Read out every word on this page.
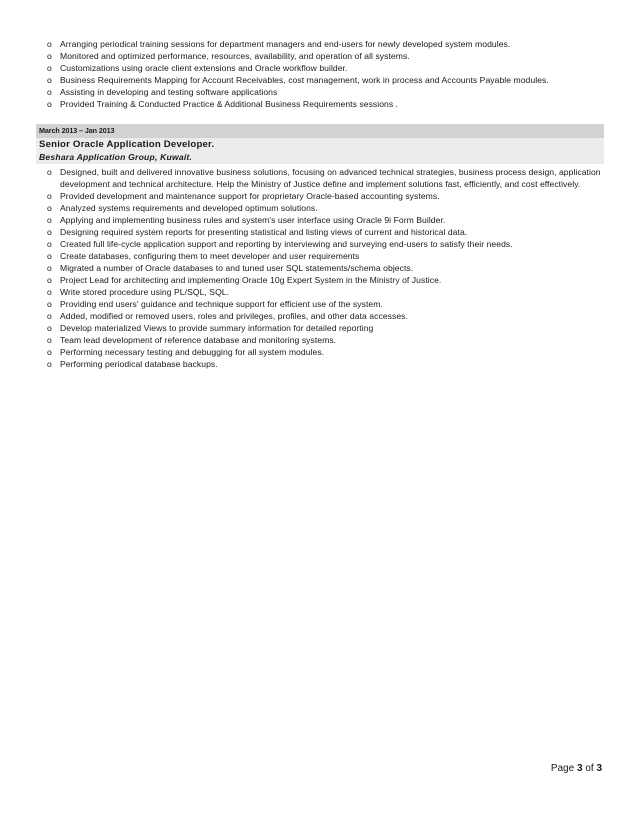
o Arranging periodical training sessions for department managers and end-users for newly developed system modules.
o Monitored and optimized performance, resources, availability, and operation of all systems.
o Customizations using oracle client extensions and Oracle workflow builder.
o Business Requirements Mapping for Account Receivables, cost management, work in process and Accounts Payable modules.
o Assisting in developing and testing software applications
o Provided Training & Conducted Practice & Additional Business Requirements sessions .
March 2013 – Jan 2013
Senior Oracle Application Developer.
Beshara Application Group, Kuwait.
o Designed, built and delivered innovative business solutions, focusing on advanced technical strategies, business process design, application development and technical architecture. Help the Ministry of Justice define and implement solutions fast, efficiently, and cost effectively.
o Provided development and maintenance support for proprietary Oracle-based accounting systems.
o Analyzed systems requirements and developed optimum solutions.
o Applying and implementing business rules and system's user interface using Oracle 9i Form Builder.
o Designing required system reports for presenting statistical and listing views of current and historical data.
o Created full life-cycle application support and reporting by interviewing and surveying end-users to satisfy their needs.
o Create databases, configuring them to meet developer and user requirements
o Migrated a number of Oracle databases to and tuned user SQL statements/schema objects.
o Project Lead for architecting and implementing Oracle 10g Expert System in the Ministry of Justice.
o Write stored procedure using PL/SQL, SQL.
o Providing end users' guidance and technique support for efficient use of the system.
o Added, modified or removed users, roles and privileges, profiles, and other data accesses.
o Develop materialized Views to provide summary information for detailed reporting
o Team lead development of reference database and monitoring systems.
o Performing necessary testing and debugging for all system modules.
o Performing periodical database backups.
Page 3 of 3
